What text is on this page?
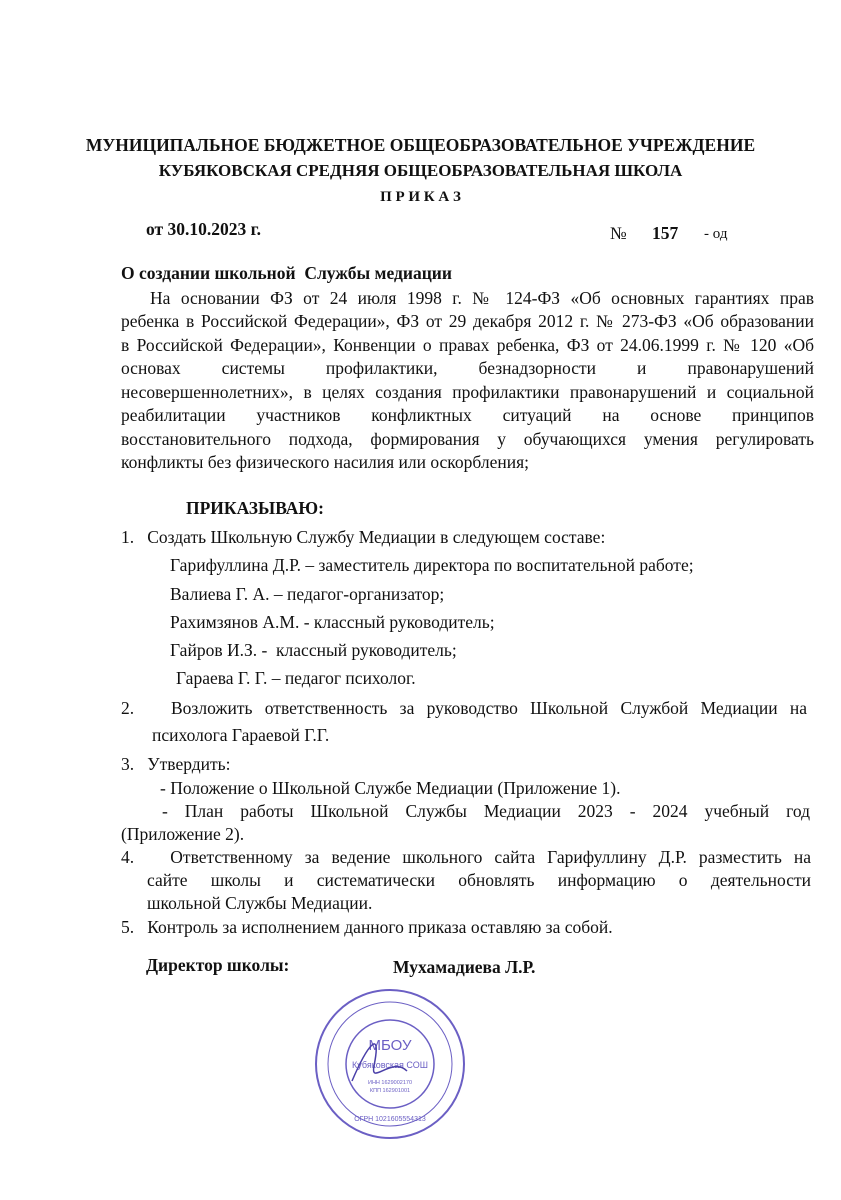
МУНИЦИПАЛЬНОЕ БЮДЖЕТНОЕ ОБЩЕОБРАЗОВАТЕЛЬНОЕ УЧРЕЖДЕНИЕ
КУБЯКОВСКАЯ СРЕДНЯЯ ОБЩЕОБРАЗОВАТЕЛЬНАЯ ШКОЛА
П Р И К А З
от 30.10.2023 г.	№ 157 - од
О создании школьной  Службы медиации
На основании ФЗ от 24 июля 1998 г. № 124-ФЗ «Об основных гарантиях прав
ребенка в Российской Федерации», ФЗ от 29 декабря 2012 г. № 273-ФЗ «Об образовании
в Российской Федерации», Конвенции о правах ребенка, ФЗ от 24.06.1999 г. № 120 «Об
основах системы профилактики, безнадзорности и правонарушений
несовершеннолетних», в целях создания профилактики правонарушений и социальной
реабилитации участников конфликтных ситуаций на основе принципов
восстановительного подхода, формирования у обучающихся умения регулировать
конфликты без физического насилия или оскорбления;
ПРИКАЗЫВАЮ:
1.   Создать Школьную Службу Медиации в следующем составе:
Гарифуллина Д.Р. – заместитель директора по воспитательной работе;
Валиева Г. А. – педагог-организатор;
Рахимзянов А.М. - классный руководитель;
Гайров И.З. -  классный руководитель;
Гараева Г. Г. – педагог психолог.
2.   Возложить ответственность за руководство Школьной Службой Медиации на
психолога Гараевой Г.Г.
3.   Утвердить:
- Положение о Школьной Службе Медиации (Приложение 1).
- План работы Школьной Службы Медиации 2023 - 2024 учебный год
(Приложение 2).
4.   Ответственному за ведение школьного сайта Гарифуллину Д.Р. разместить на
сайте школы и систематически обновлять информацию о деятельности
школьной Службы Медиации.
5.   Контроль за исполнением данного приказа оставляю за собой.
Директор школы:	Мухамадиева Л.Р.
МБОУ
Кубяковская СОШ
ИНН 1629002170
КПП 162901001
ОГРН 1021605554313
